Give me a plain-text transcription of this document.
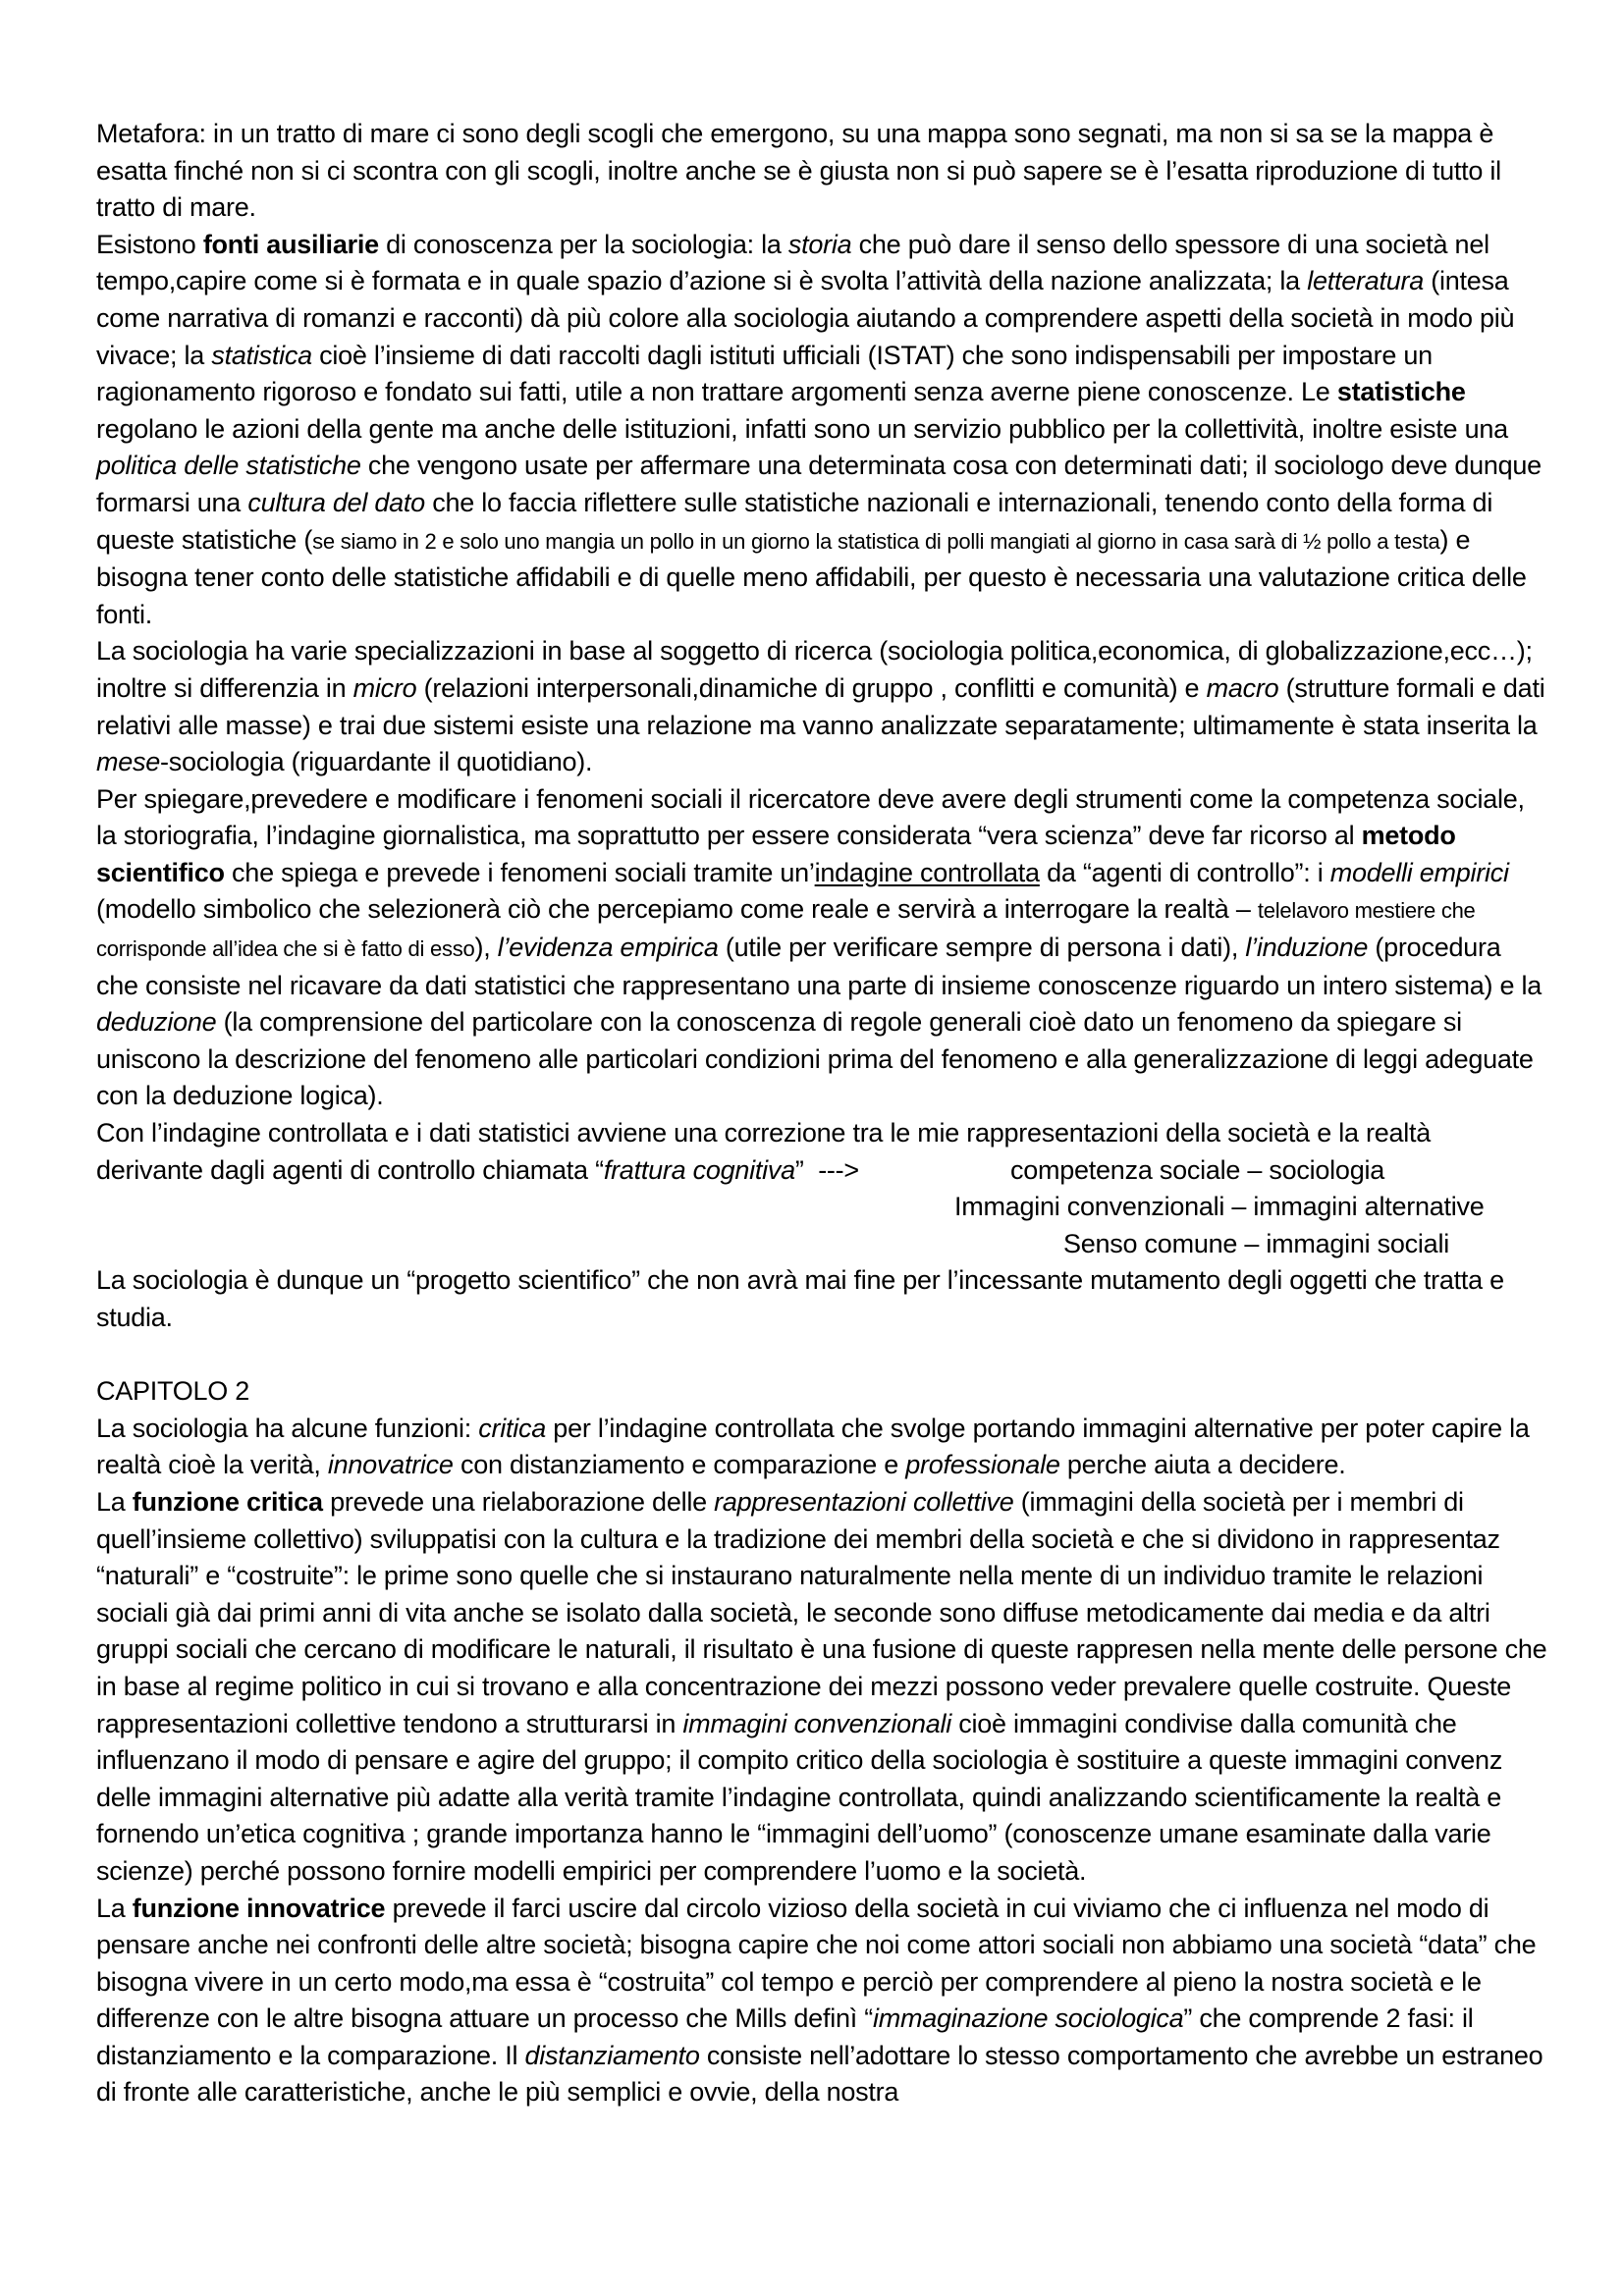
Metafora: in un tratto di mare ci sono degli scogli che emergono, su una mappa sono segnati, ma non si sa se la mappa è esatta finché non si ci scontra con gli scogli, inoltre anche se è giusta non si può sapere se è l’esatta riproduzione di tutto il tratto di mare.

Esistono fonti ausiliarie di conoscenza per la sociologia: la storia che può dare il senso dello spessore di una società nel tempo,capire come si è formata e in quale spazio d’azione si è svolta l’attività della nazione analizzata; la letteratura (intesa come narrativa di romanzi e racconti) dà più colore alla sociologia aiutando a comprendere aspetti della società in modo più vivace; la statistica cioè l’insieme di dati raccolti dagli istituti ufficiali (ISTAT) che sono indispensabili per impostare un ragionamento rigoroso e fondato sui fatti, utile a non trattare argomenti senza averne piene conoscenze. Le statistiche regolano le azioni della gente ma anche delle istituzioni, infatti sono un servizio pubblico per la collettività, inoltre esiste una politica delle statistiche che vengono usate per affermare una determinata cosa con determinati dati; il sociologo deve dunque formarsi una cultura del dato che lo faccia riflettere sulle statistiche nazionali e internazionali, tenendo conto della forma di queste statistiche (se siamo in 2 e solo uno mangia un pollo in un giorno la statistica di polli mangiati al giorno in casa sarà di ½ pollo a testa) e bisogna tener conto delle statistiche affidabili e di quelle meno affidabili, per questo è necessaria una valutazione critica delle fonti.

La sociologia ha varie specializzazioni in base al soggetto di ricerca (sociologia politica,economica, di globalizzazione,ecc…); inoltre si differenzia in micro (relazioni interpersonali,dinamiche di gruppo , conflitti e comunità) e macro (strutture formali e dati relativi alle masse) e trai due sistemi esiste una relazione ma vanno analizzate separatamente; ultimamente è stata inserita la mese-sociologia (riguardante il quotidiano).

Per spiegare,prevedere e modificare i fenomeni sociali il ricercatore deve avere degli strumenti come la competenza sociale, la storiografia, l’indagine giornalistica, ma soprattutto per essere considerata “vera scienza” deve far ricorso al metodo scientifico che spiega e prevede i fenomeni sociali tramite un’indagine controllata da “agenti di controllo”: i modelli empirici (modello simbolico che selezionerà ciò che percepiamo come reale e servirà a interrogare la realtà – telelavoro mestiere che corrisponde all’idea che si è fatto di esso), l’evidenza empirica (utile per verificare sempre di persona i dati), l’induzione (procedura che consiste nel ricavare da dati statistici che rappresentano una parte di insieme conoscenze riguardo un intero sistema) e la deduzione (la comprensione del particolare con la conoscenza di regole generali cioè dato un fenomeno da spiegare si uniscono la descrizione del fenomeno alle particolari condizioni prima del fenomeno e alla generalizzazione di leggi adeguate con la deduzione logica).

Con l’indagine controllata e i dati statistici avviene una correzione tra le mie rappresentazioni della società e la realtà

derivante dagli agenti di controllo chiamata “frattura cognitiva” --->	competenza sociale – sociologia
Immagini convenzionali – immagini alternative
Senso comune – immagini sociali

La sociologia è dunque un “progetto scientifico” che non avrà mai fine per l’incessante mutamento degli oggetti che tratta e studia.

CAPITOLO 2

La sociologia ha alcune funzioni: critica per l’indagine controllata che svolge portando immagini alternative per poter capire la realtà cioè la verità, innovatrice con distanziamento e comparazione e professionale perche aiuta a decidere.

La funzione critica prevede una rielaborazione delle rappresentazioni collettive (immagini della società per i membri di quell’insieme collettivo) sviluppatisi con la cultura e la tradizione dei membri della società e che si dividono in rappresentaz “naturali” e “costruite”: le prime sono quelle che si instaurano naturalmente nella mente di un individuo tramite le relazioni sociali già dai primi anni di vita anche se isolato dalla società, le seconde sono diffuse metodicamente dai media e da altri gruppi sociali che cercano di modificare le naturali, il risultato è una fusione di queste rappresen nella mente delle persone che in base al regime politico in cui si trovano e alla concentrazione dei mezzi possono veder prevalere quelle costruite. Queste rappresentazioni collettive tendono a strutturarsi in immagini convenzionali cioè immagini condivise dalla comunità che influenzano il modo di pensare e agire del gruppo; il compito critico della sociologia è sostituire a queste immagini convenz delle immagini alternative più adatte alla verità tramite l’indagine controllata, quindi analizzando scientificamente la realtà e fornendo un’etica cognitiva ; grande importanza hanno le “immagini dell’uomo” (conoscenze umane esaminate dalla varie scienze) perché possono fornire modelli empirici per comprendere l’uomo e la società.

La funzione innovatrice prevede il farci uscire dal circolo vizioso della società in cui viviamo che ci influenza nel modo di pensare anche nei confronti delle altre società; bisogna capire che noi come attori sociali non abbiamo una società “data” che bisogna vivere in un certo modo,ma essa è “costruita” col tempo e perciò per comprendere al pieno la nostra società e le differenze con le altre bisogna attuare un processo che Mills definì “immaginazione sociologica” che comprende 2 fasi: il distanziamento e la comparazione. Il distanziamento consiste nell’adottare lo stesso comportamento che avrebbe un estraneo di fronte alle caratteristiche, anche le più semplici e ovvie, della nostra
